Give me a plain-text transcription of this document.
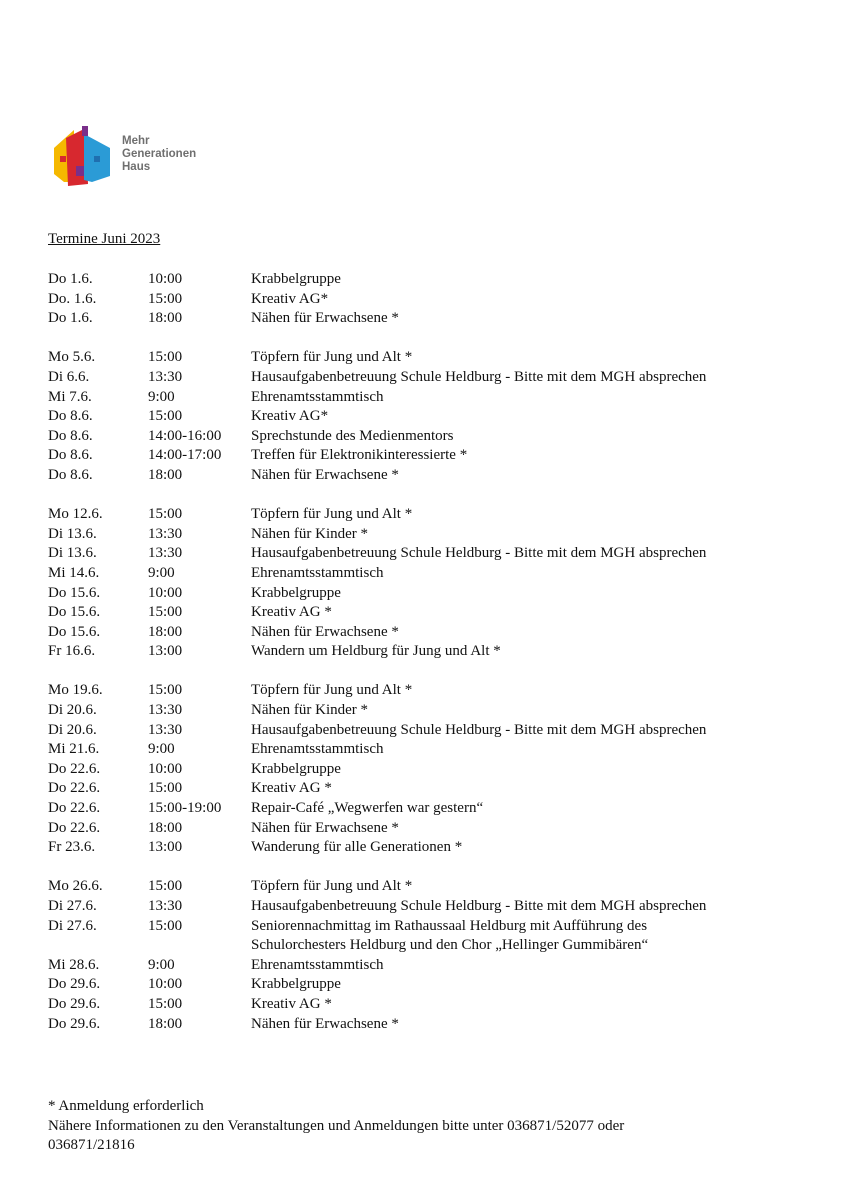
Mehr
Generationen
Haus
Termine Juni 2023
Do 1.6.	10:00	Krabbelgruppe
Do. 1.6.	15:00	Kreativ AG*
Do 1.6.	18:00	Nähen für Erwachsene *
Mo 5.6.	15:00	Töpfern für Jung und Alt *
Di 6.6.	13:30	Hausaufgabenbetreuung Schule Heldburg - Bitte mit dem MGH absprechen
Mi 7.6.	9:00	Ehrenamtsstammtisch
Do 8.6.	15:00	Kreativ AG*
Do 8.6.	14:00-16:00 Sprechstunde des Medienmentors
Do 8.6.	14:00-17:00 Treffen für Elektronikinteressierte *
Do 8.6.	18:00	Nähen für Erwachsene *
Mo 12.6.	15:00	Töpfern für Jung und Alt *
Di 13.6.	13:30	Nähen für Kinder *
Di 13.6.	13:30	Hausaufgabenbetreuung Schule Heldburg - Bitte mit dem MGH absprechen
Mi 14.6.	9:00	Ehrenamtsstammtisch
Do 15.6.	10:00	Krabbelgruppe
Do 15.6.	15:00	Kreativ AG *
Do 15.6.	18:00	Nähen für Erwachsene *
Fr 16.6.	13:00	Wandern um Heldburg für Jung und Alt *
Mo 19.6.	15:00	Töpfern für Jung und Alt *
Di 20.6.	13:30	Nähen für Kinder *
Di 20.6.	13:30	Hausaufgabenbetreuung Schule Heldburg - Bitte mit dem MGH absprechen
Mi 21.6.	9:00	Ehrenamtsstammtisch
Do 22.6.	10:00	Krabbelgruppe
Do 22.6.	15:00	Kreativ AG *
Do 22.6.	15:00-19:00 Repair-Café „Wegwerfen war gestern“
Do 22.6.	18:00	Nähen für Erwachsene *
Fr 23.6.	13:00	Wanderung für alle Generationen *
Mo 26.6.	15:00	Töpfern für Jung und Alt *
Di 27.6.	13:30	Hausaufgabenbetreuung Schule Heldburg - Bitte mit dem MGH absprechen
Di 27.6.	15:00	Seniorennachmittag im Rathaussaal Heldburg mit Aufführung des
Schulorchesters Heldburg und den Chor „Hellinger Gummibären“
Mi 28.6.	9:00	Ehrenamtsstammtisch
Do 29.6.	10:00	Krabbelgruppe
Do 29.6.	15:00	Kreativ AG *
Do 29.6.	18:00	Nähen für Erwachsene *
* Anmeldung erforderlich
Nähere Informationen zu den Veranstaltungen und Anmeldungen bitte unter 036871/52077 oder
036871/21816
